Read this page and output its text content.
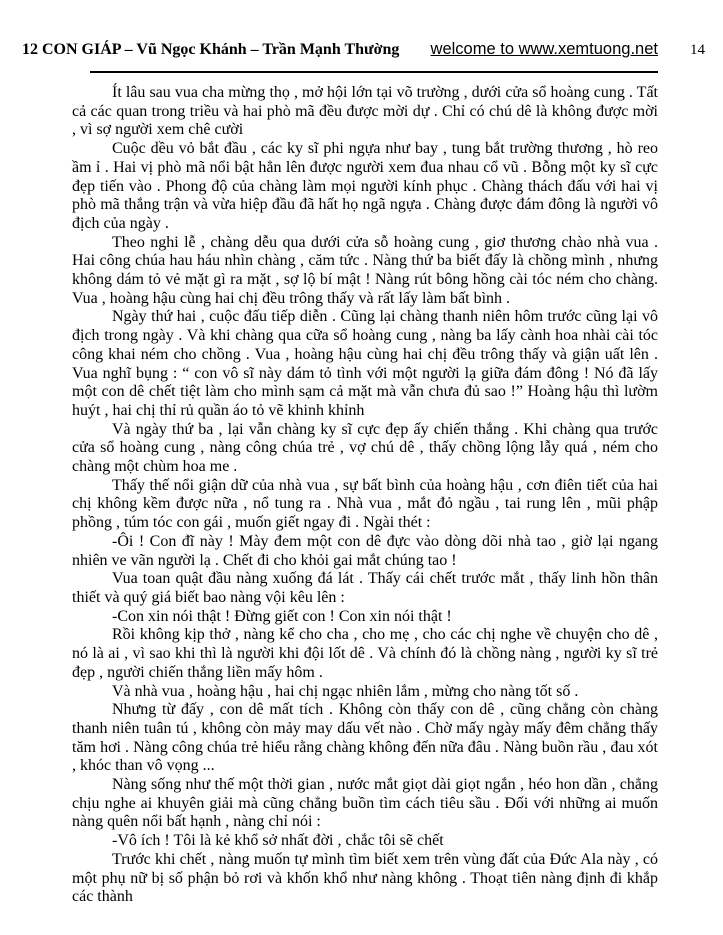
12 CON GIÁP – Vũ Ngọc Khánh – Trần Mạnh Thường welcome to www.xemtuong.net 14

Ít lâu sau vua cha mừng thọ , mở hội lớn tại võ trường , dưới cửa sổ hoàng cung . Tất cả các quan trong triều và hai phò mã đều được mời dự . Chỉ có chú dê là không được mời , vì sợ người xem chê cười

Cuộc dều vỏ bắt đầu , các ky sĩ phi ngựa như bay , tung bắt trường thương , hò reo ầm ỉ . Hai vị phò mã nổi bật hẳn lên được người xem đua nhau cổ vũ . Bỗng một ky sĩ cực đẹp tiến vào . Phong độ của chàng làm mọi người kính phục . Chàng thách đấu với hai vị phò mã thắng trận và vừa hiệp đầu đã hất họ ngã ngựa . Chàng được đám đông là người vô địch của ngày .

Theo nghi lễ , chàng dễu qua dưới cửa sỗ hoàng cung , giơ thương chào nhà vua . Hai công chúa hau háu nhìn chàng , căm tức . Nàng thứ ba biết đấy là chồng mình , nhưng không dám tỏ vẻ mặt gì ra mặt , sợ lộ bí mật ! Nàng rút bông hồng cài tóc ném cho chàng. Vua , hoàng hậu cùng hai chị đều trông thấy và rất lấy làm bất bình .

Ngày thứ hai , cuộc đấu tiếp diễn . Cũng lại chàng thanh niên hôm trước cũng lại vô địch trong ngày . Và khi chàng qua cữa sổ hoàng cung , nàng ba lấy cành hoa nhài cài tóc công khai ném cho chồng . Vua , hoàng hậu cùng hai chị đều trông thấy và giận uất lên . Vua nghĩ bụng : “ con vô sĩ này dám tỏ tình với một người lạ giữa đám đông ! Nó đã lấy một con dê chết tiệt làm cho mình sạm cả mặt mà vẫn chưa đủ sao !” Hoàng hậu thì lườm huýt , hai chị thỉ rủ quần áo tỏ vẽ khinh khỉnh

Và ngày thứ ba , lại vẫn chàng ky sĩ cực đẹp ấy chiến thắng . Khi chàng qua trước cửa sổ hoàng cung , nàng công chúa trẻ , vợ chú dê , thấy chồng lộng lẫy quá , ném cho chàng một chùm hoa me .

Thấy thế nổi giận dữ của nhà vua , sự bất bình của hoàng hậu , cơn điên tiết của hai chị không kềm được nữa , nổ tung ra . Nhà vua , mắt đỏ ngầu , tai rung lên , mũi phập phồng , túm tóc con gái , muốn giết ngay đi . Ngài thét :

-Ôi ! Con đĩ này ! Mày đem một con dê đực vào dòng dõi nhà tao , giờ lại ngang nhiên ve vãn người lạ . Chết đi cho khỏi gai mắt chúng tao !

Vua toan quật đầu nàng xuống đá lát . Thấy cái chết trước mắt , thấy linh hồn thân thiết và quý giá biết bao nàng vội kêu lên :

-Con xin nói thật ! Đừng giết con ! Con xin nói thật !

Rồi không kịp thở , nàng kể cho cha , cho mẹ , cho các chị nghe về chuyện cho dê , nó là ai , vì sao khi thì là người khi đội lốt dê . Và chính đó là chồng nàng , người ky sĩ trẻ đẹp , người chiến thắng liền mấy hôm .

Và nhà vua , hoàng hậu , hai chị ngạc nhiên lắm , mừng cho nàng tốt số .

Nhưng từ đấy , con dê mất tích . Không còn thấy con dê , cũng chẳng còn chàng thanh niên tuân tú , không còn mảy may dấu vết nào . Chờ mấy ngày mấy đêm chẳng thấy tăm hơi . Nàng công chúa trẻ hiểu rằng chàng không đến nữa đâu . Nàng buồn rầu , đau xót , khóc than vô vọng ...

Nàng sống như thế một thời gian , nước mắt giọt dài giọt ngắn , héo hon dần , chẳng chịu nghe ai khuyên giải mà cũng chẳng buồn tìm cách tiêu sầu . Đối với những ai muốn nàng quên nổi bất hạnh , nàng chỉ nói :

-Vô ích ! Tôi là kẻ khổ sở nhất đời , chắc tôi sẽ chết

Trước khi chết , nàng muốn tự mình tìm biết xem trên vùng đất của Đức Ala này , có một phụ nữ bị số phận bỏ rơi và khốn khổ như nàng không . Thoạt tiên nàng định đi khắp các thành
